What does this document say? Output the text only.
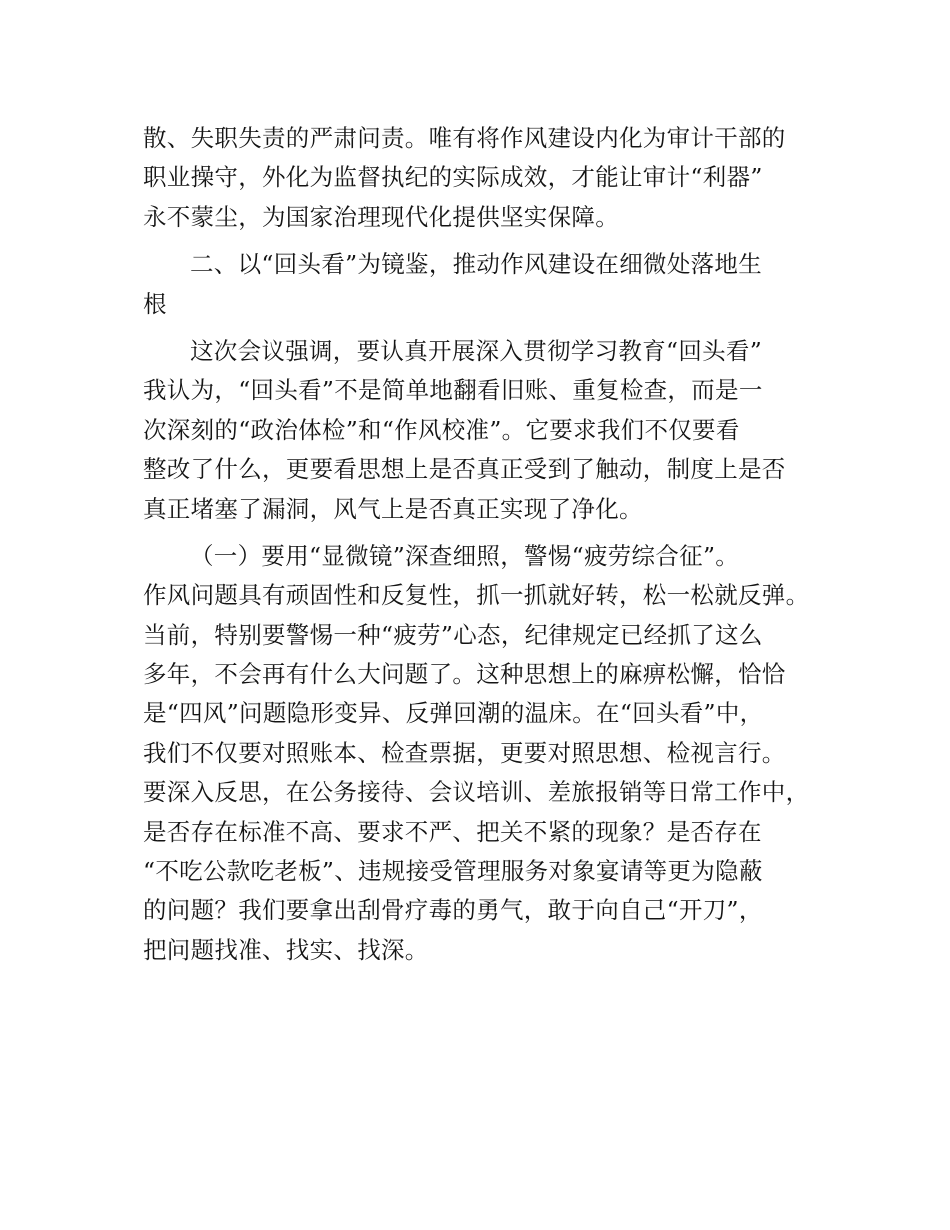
散、失职失责的严肃问责。唯有将作风建设内化为审计干部的
职业操守，外化为监督执纪的实际成效，才能让审计“利器”
永不蒙尘，为国家治理现代化提供坚实保障。
二、以“回头看”为镜鉴，推动作风建设在细微处落地生
根
这次会议强调，要认真开展深入贯彻学习教育“回头看”
我认为，“回头看”不是简单地翻看旧账、重复检查，而是一
次深刻的“政治体检”和“作风校准”。它要求我们不仅要看
整改了什么，更要看思想上是否真正受到了触动，制度上是否
真正堵塞了漏洞，风气上是否真正实现了净化。
（一）要用“显微镜”深查细照，警惕“疲劳综合征”。
作风问题具有顽固性和反复性，抓一抓就好转，松一松就反弹。
当前，特别要警惕一种“疲劳”心态，纪律规定已经抓了这么
多年，不会再有什么大问题了。这种思想上的麻痹松懈，恰恰
是“四风”问题隐形变异、反弹回潮的温床。在“回头看”中，
我们不仅要对照账本、检查票据，更要对照思想、检视言行。
要深入反思，在公务接待、会议培训、差旅报销等日常工作中，
是否存在标准不高、要求不严、把关不紧的现象？是否存在
“不吃公款吃老板”、违规接受管理服务对象宴请等更为隐蔽
的问题？我们要拿出刮骨疗毒的勇气，敢于向自己“开刀”，
把问题找准、找实、找深。
